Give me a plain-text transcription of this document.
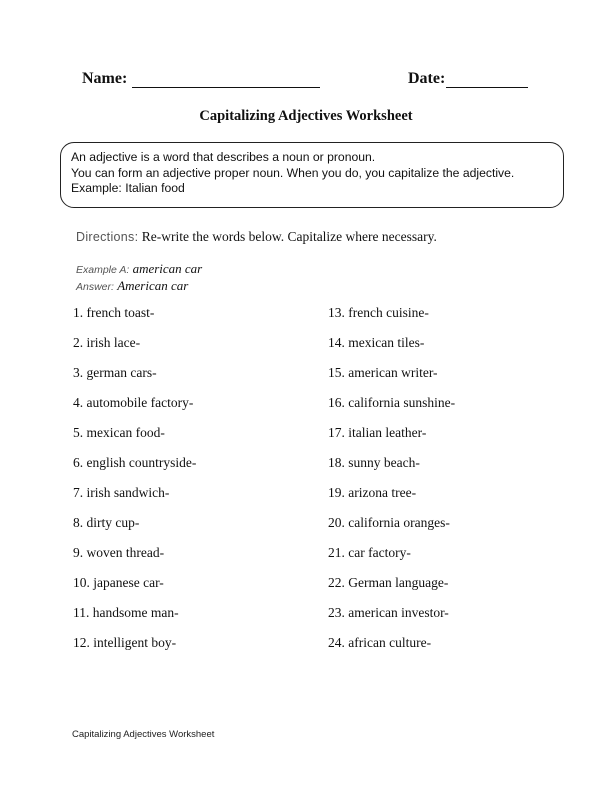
Name:	Date:
Capitalizing Adjectives Worksheet
An adjective is a word that describes a noun or pronoun.
You can form an adjective proper noun. When you do, you capitalize the adjective.
Example: Italian food
Directions: Re-write the words below. Capitalize where necessary.
Example A: american car
Answer: American car
1. french toast-
2. irish lace-
3. german cars-
4. automobile factory-
5. mexican food-
6. english countryside-
7. irish sandwich-
8. dirty cup-
9. woven thread-
10. japanese car-
11. handsome man-
12. intelligent boy-
13. french cuisine-
14. mexican tiles-
15. american writer-
16. california sunshine-
17. italian leather-
18. sunny beach-
19. arizona tree-
20. california oranges-
21. car factory-
22. German language-
23. american investor-
24. african culture-
Capitalizing Adjectives Worksheet
